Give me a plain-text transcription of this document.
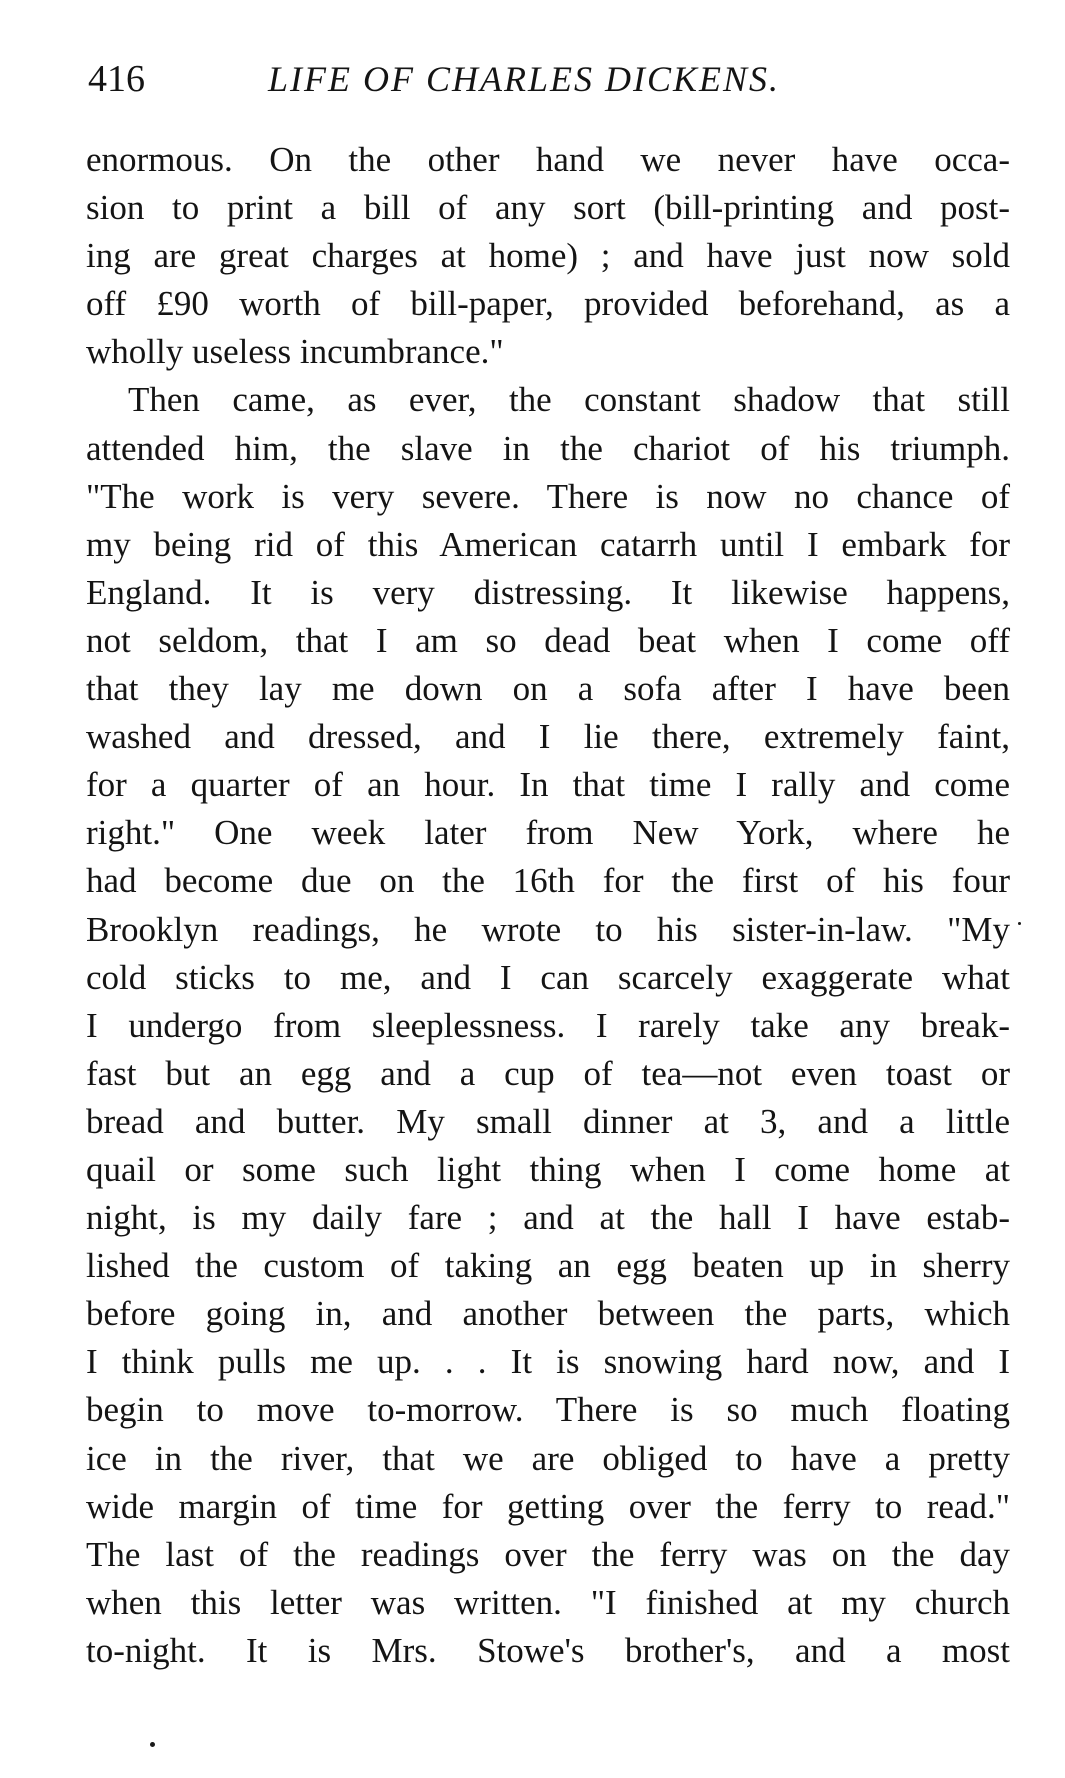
416	LIFE OF CHARLES DICKENS.
enormous. On the other hand we never have occa-
sion to print a bill of any sort (bill-printing and post-
ing are great charges at home) ; and have just now sold
off £90 worth of bill-paper, provided beforehand, as a
wholly useless incumbrance."
Then came, as ever, the constant shadow that still
attended him, the slave in the chariot of his triumph.
"The work is very severe. There is now no chance of
my being rid of this American catarrh until I embark for
England. It is very distressing. It likewise happens,
not seldom, that I am so dead beat when I come off
that they lay me down on a sofa after I have been
washed and dressed, and I lie there, extremely faint,
for a quarter of an hour. In that time I rally and come
right." One week later from New York, where he
had become due on the 16th for the first of his four
Brooklyn readings, he wrote to his sister-in-law. "My
cold sticks to me, and I can scarcely exaggerate what
I undergo from sleeplessness. I rarely take any break-
fast but an egg and a cup of tea—not even toast or
bread and butter. My small dinner at 3, and a little
quail or some such light thing when I come home at
night, is my daily fare ; and at the hall I have estab-
lished the custom of taking an egg beaten up in sherry
before going in, and another between the parts, which
I think pulls me up. . . It is snowing hard now, and I
begin to move to-morrow. There is so much floating
ice in the river, that we are obliged to have a pretty
wide margin of time for getting over the ferry to read."
The last of the readings over the ferry was on the day
when this letter was written. "I finished at my church
to-night. It is Mrs. Stowe's brother's, and a most
